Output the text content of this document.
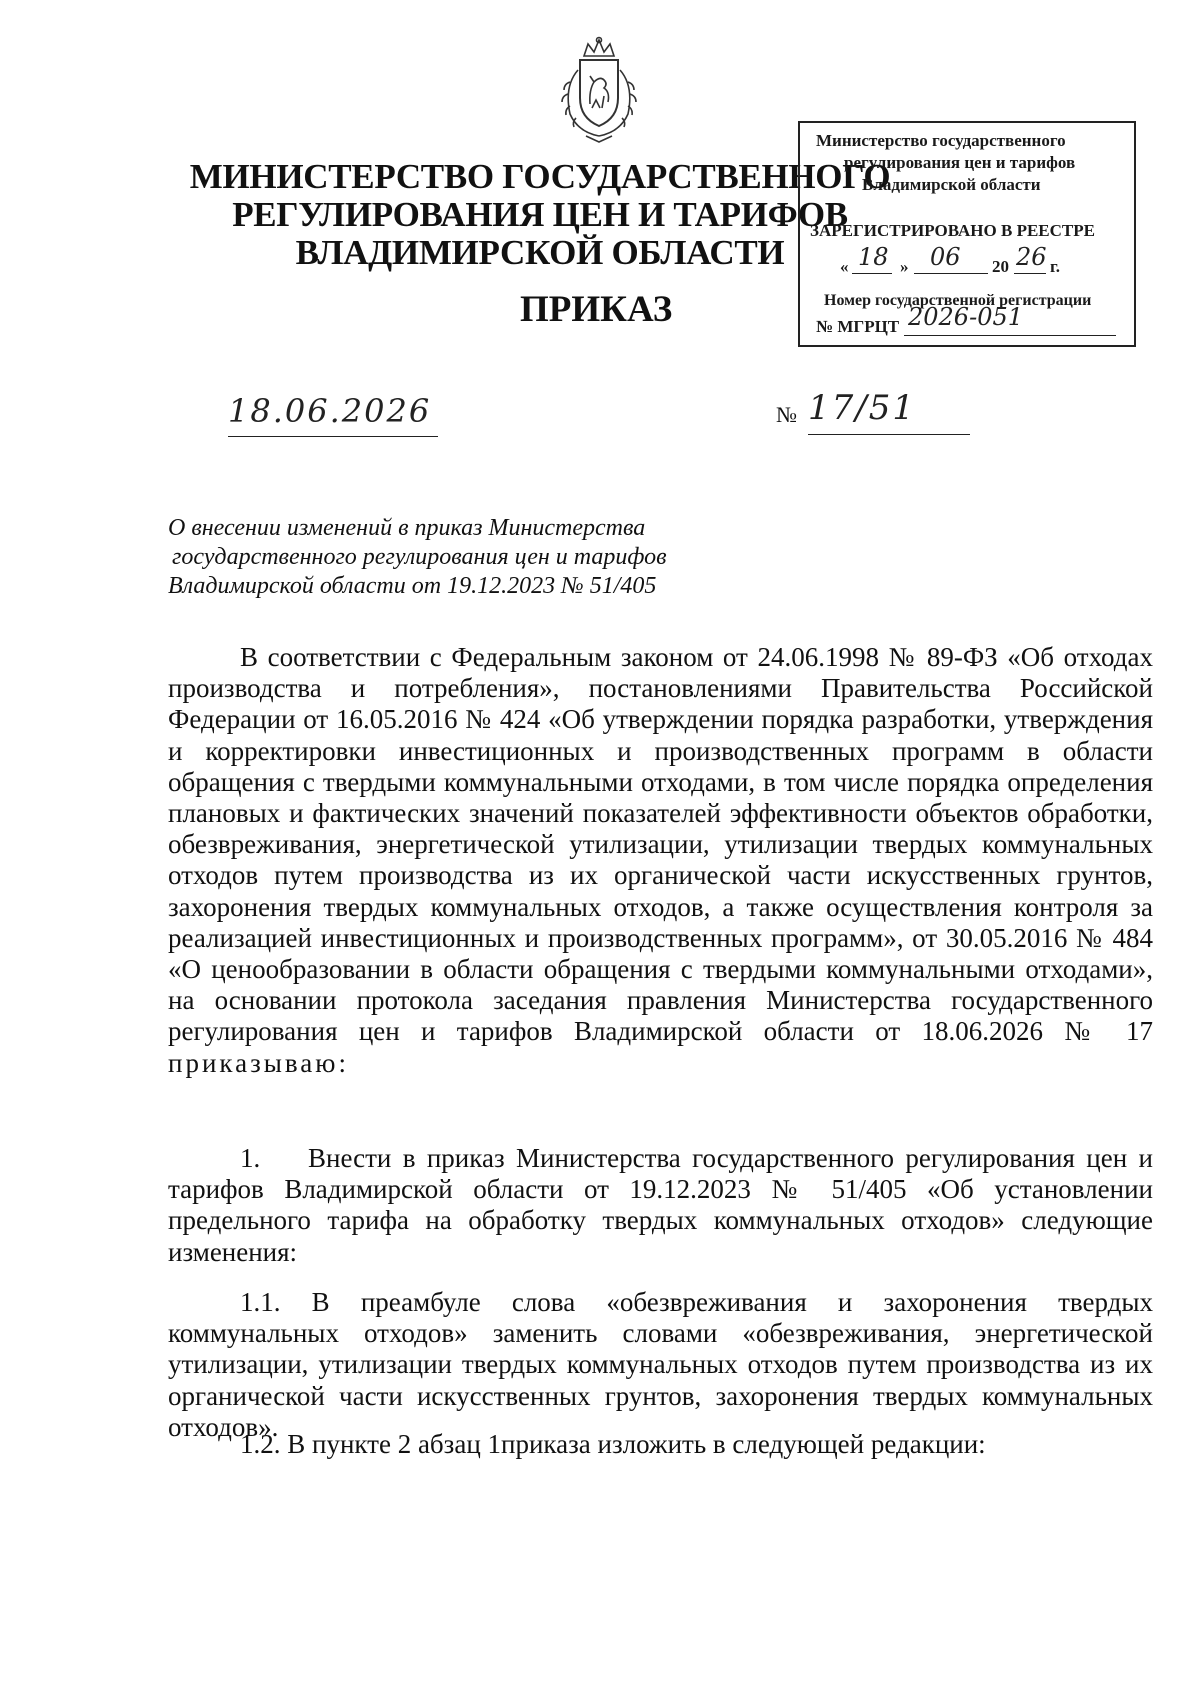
МИНИСТЕРСТВО ГОСУДАРСТВЕННОГО
РЕГУЛИРОВАНИЯ ЦЕН И ТАРИФОВ
ВЛАДИМИРСКОЙ ОБЛАСТИ
ПРИКАЗ
Министерство государственного
регулирования цен и тарифов
Владимирской области
ЗАРЕГИСТРИРОВАНО В РЕЕСТРЕ
« 18 » 06 20 26 г.
Номер государственной регистрации
№ МГРЦТ 2026-051
18.06.2026	№ 17/51
О внесении изменений в приказ Министерства
государственного регулирования цен и тарифов
Владимирской области от 19.12.2023 № 51/405

В соответствии с Федеральным законом от 24.06.1998 № 89-ФЗ «Об отходах производства и потребления», постановлениями Правительства Российской Федерации от 16.05.2016 № 424 «Об утверждении порядка разработки, утверждения и корректировки инвестиционных и производственных программ в области обращения с твердыми коммунальными отходами, в том числе порядка определения плановых и фактических значений показателей эффективности объектов обработки, обезвреживания, энергетической утилизации, утилизации твердых коммунальных отходов путем производства из их органической части искусственных грунтов, захоронения твердых коммунальных отходов, а также осуществления контроля за реализацией инвестиционных и производственных программ», от 30.05.2016 № 484 «О ценообразовании в области обращения с твердыми коммунальными отходами», на основании протокола заседания правления Министерства государственного регулирования цен и тарифов Владимирской области от 18.06.2026 № 17 приказываю:

1. Внести в приказ Министерства государственного регулирования цен и тарифов Владимирской области от 19.12.2023 № 51/405 «Об установлении предельного тарифа на обработку твердых коммунальных отходов» следующие изменения:

1.1. В преамбуле слова «обезвреживания и захоронения твердых коммунальных отходов» заменить словами «обезвреживания, энергетической утилизации, утилизации твердых коммунальных отходов путем производства из их органической части искусственных грунтов, захоронения твердых коммунальных отходов».

1.2. В пункте 2 абзац 1приказа изложить в следующей редакции:
